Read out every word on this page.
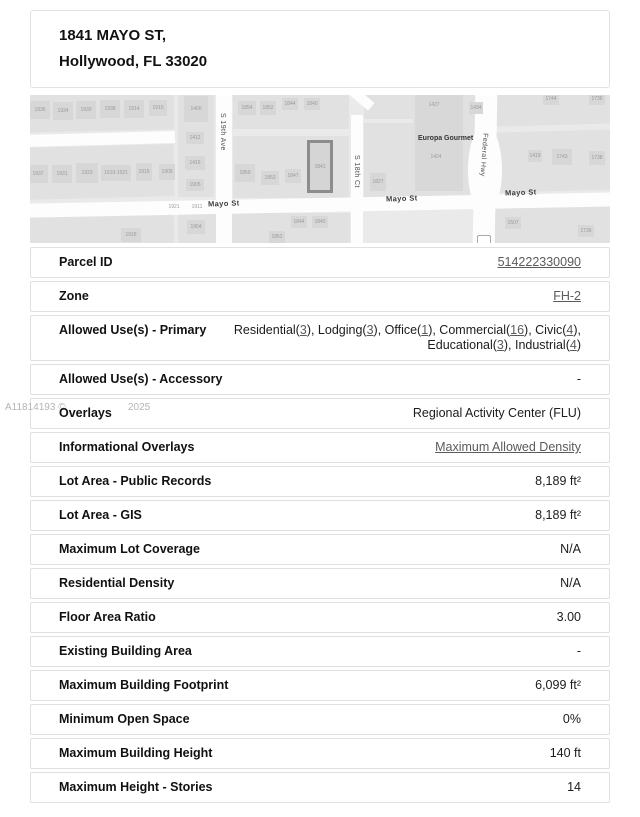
1841 MAYO ST,
Hollywood, FL 33020
1936 1934 1930	1938	1914	1910
1937	1931	1923 1919-1921 1915 1909
1400
1412
1416
1905
1854 1852
1844 1840
1859
1853 1847
1827
1427
1424
1434
1744	1736
1419	1743	1738
1507
1736
1904
1918
1844 1840
1852
1921 1911
1841
S 19th Ave
S 18th Ct	Federal Hwy
Mayo St	Mayo St
Mayo St
Europa Gourmet
Parcel ID	514222330090
Zone	FH-2
Allowed Use(s) - Primary	Residential(3), Lodging(3), Office(1), Commercial(16), Civic(4), Educational(3), Industrial(4)
Allowed Use(s) - Accessory	-
Overlays	Regional Activity Center (FLU)
Informational Overlays	Maximum Allowed Density
Lot Area - Public Records	8,189 ft²
Lot Area - GIS	8,189 ft²
Maximum Lot Coverage	N/A
Residential Density	N/A
Floor Area Ratio	3.00
Existing Building Area	-
Maximum Building Footprint	6,099 ft²
Minimum Open Space	0%
Maximum Building Height	140 ft
Maximum Height - Stories	14
A11814193 ©	2025
